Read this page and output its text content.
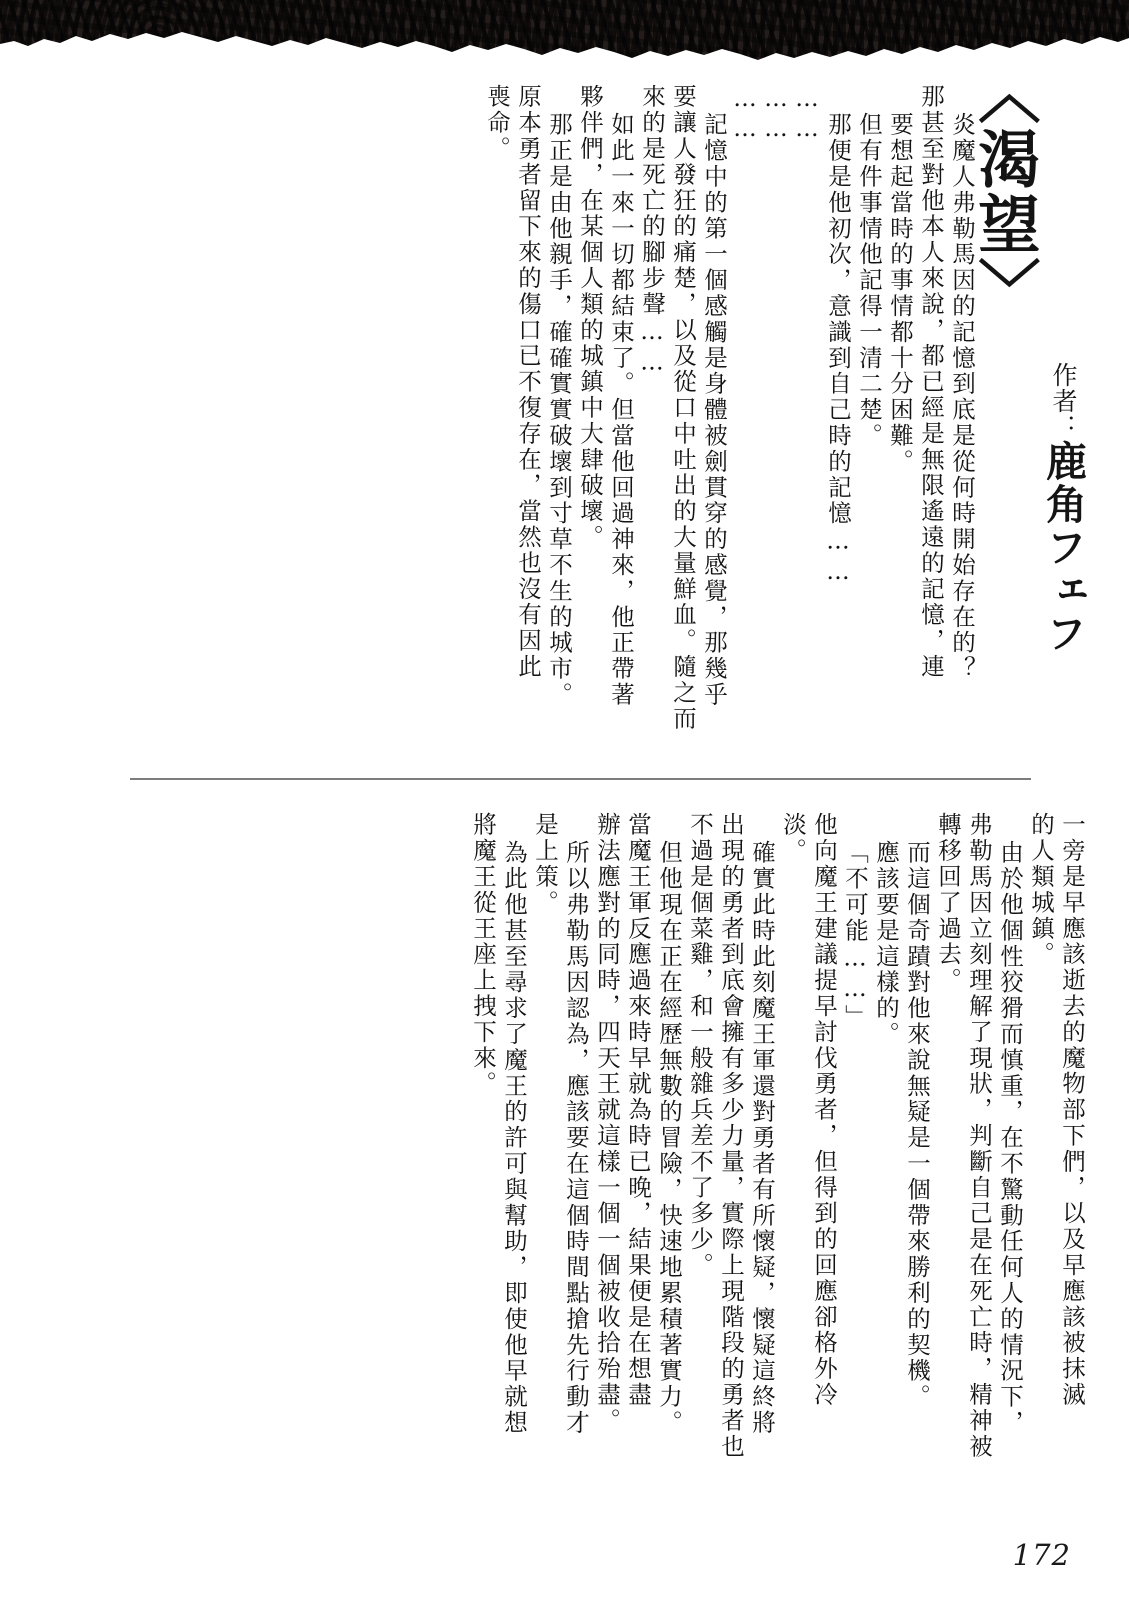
〈渴望〉
作者：鹿角フェフ
炎魔人弗勒馬因的記憶到底是從何時開始存在的？
那甚至對他本人來說，都已經是無限遙遠的記憶，連
要想起當時的事情都十分困難。
但有件事情他記得一清二楚。
那便是他初次，意識到自己時的記憶……
……
……
……
記憶中的第一個感觸是身體被劍貫穿的感覺，那幾乎
要讓人發狂的痛楚，以及從口中吐出的大量鮮血。隨之而
來的是死亡的腳步聲……
如此一來一切都結束了。但當他回過神來，他正帶著
夥伴們，在某個人類的城鎮中大肆破壞。
那正是由他親手，確確實實破壞到寸草不生的城市。
原本勇者留下來的傷口已不復存在，當然也沒有因此
喪命。
一旁是早應該逝去的魔物部下們，以及早應該被抹滅
的人類城鎮。
由於他個性狡猾而慎重，在不驚動任何人的情況下，
弗勒馬因立刻理解了現狀，判斷自己是在死亡時，精神被
轉移回了過去。
而這個奇蹟對他來說無疑是一個帶來勝利的契機。
應該要是這樣的。
「不可能……」
他向魔王建議提早討伐勇者，但得到的回應卻格外冷
淡。
確實此時此刻魔王軍還對勇者有所懷疑，懷疑這終將
出現的勇者到底會擁有多少力量，實際上現階段的勇者也
不過是個菜雞，和一般雜兵差不了多少。
但他現在正在經歷無數的冒險，快速地累積著實力。
當魔王軍反應過來時早就為時已晚，結果便是在想盡
辦法應對的同時，四天王就這樣一個一個被收拾殆盡。
所以弗勒馬因認為，應該要在這個時間點搶先行動才
是上策。
為此他甚至尋求了魔王的許可與幫助，即使他早就想
將魔王從王座上拽下來。
172
